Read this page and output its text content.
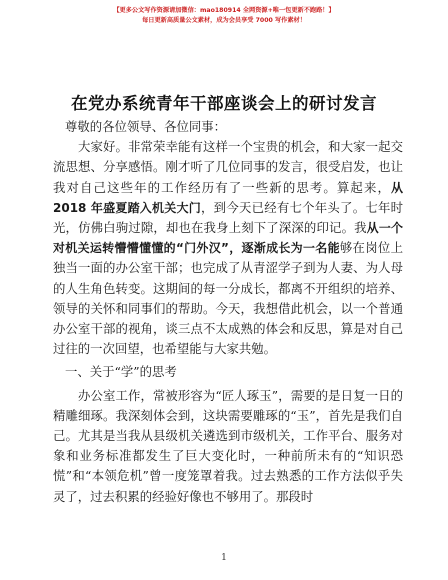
【更多公文写作资源请加微信：mao180914 全网资源+唯一包更新不跑路！】
每日更新高质量公文素材，成为会员享受 7000 写作素材！
在党办系统青年干部座谈会上的研讨发言

尊敬的各位领导、各位同事：

大家好。非常荣幸能有这样一个宝贵的机会，和大家一起交流思想、分享感悟。刚才听了几位同事的发言，很受启发，也让我对自己这些年的工作经历有了一些新的思考。算起来，从 2018 年盛夏踏入机关大门，到今天已经有七个年头了。七年时光，仿佛白驹过隙，却也在我身上刻下了深深的印记。我从一个对机关运转懵懵懂懂的“门外汉”，逐渐成长为一名能够在岗位上独当一面的办公室干部；也完成了从青涩学子到为人妻、为人母的人生角色转变。这期间的每一分成长，都离不开组织的培养、领导的关怀和同事们的帮助。今天，我想借此机会，以一个普通办公室干部的视角，谈三点不太成熟的体会和反思，算是对自己过往的一次回望，也希望能与大家共勉。

一、关于“学”的思考

办公室工作，常被形容为“匠人琢玉”，需要的是日复一日的精雕细琢。我深刻体会到，这块需要雕琢的“玉”，首先是我们自己。尤其是当我从县级机关遴选到市级机关，工作平台、服务对象和业务标准都发生了巨大变化时，一种前所未有的“知识恐慌”和“本领危机”曾一度笼罩着我。过去熟悉的工作方法似乎失灵了，过去积累的经验好像也不够用了。那段时

1
